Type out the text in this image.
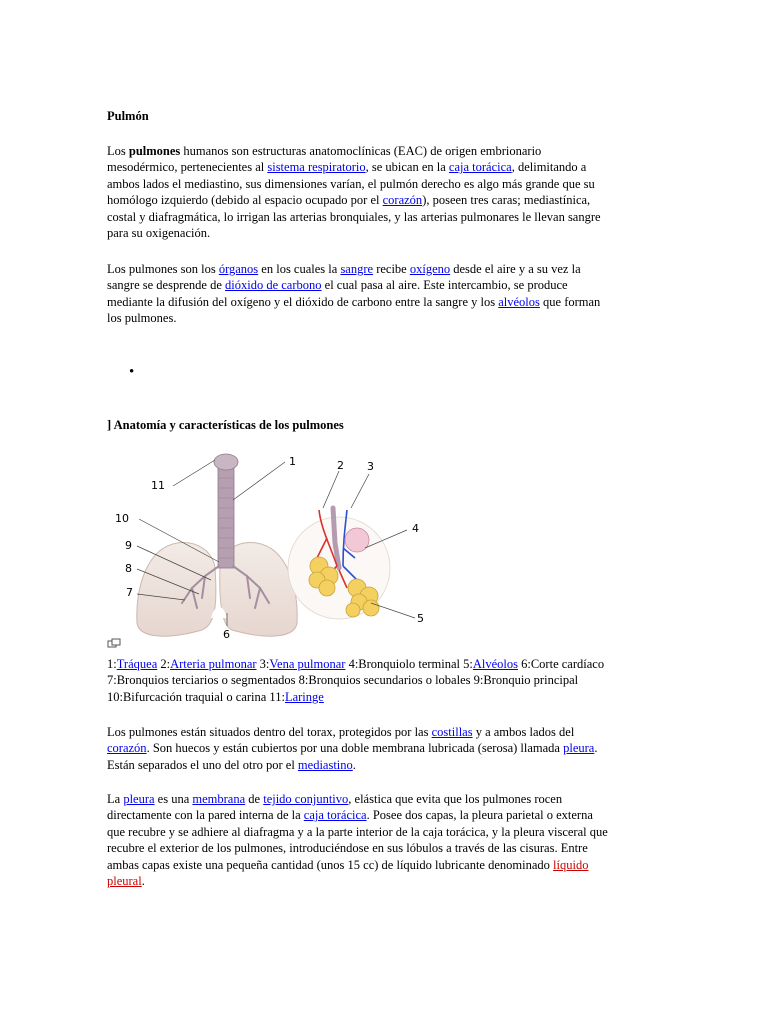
Pulmón
Los pulmones humanos son estructuras anatomoclínicas (EAC) de origen embrionario
mesodérmico, pertenecientes al sistema respiratorio, se ubican en la caja torácica, delimitando a
ambos lados el mediastino, sus dimensiones varían, el pulmón derecho es algo más grande que su
homólogo izquierdo (debido al espacio ocupado por el corazón), poseen tres caras; mediastínica,
costal y diafragmática, lo irrigan las arterias bronquiales, y las arterias pulmonares le llevan sangre
para su oxigenación.
Los pulmones son los órganos en los cuales la sangre recibe oxígeno desde el aire y a su vez la
sangre se desprende de dióxido de carbono el cual pasa al aire. Este intercambio, se produce
mediante la difusión del oxígeno y el dióxido de carbono entre la sangre y los alvéolos que forman
los pulmones.
•
] Anatomía y características de los pulmones
1	2 3
4
5
6
7
8
9
10
11
1:Tráquea 2:Arteria pulmonar 3:Vena pulmonar 4:Bronquiolo terminal 5:Alvéolos 6:Corte cardíaco
7:Bronquios terciarios o segmentados 8:Bronquios secundarios o lobales 9:Bronquio principal
10:Bifurcación traquial o carina 11:Laringe
Los pulmones están situados dentro del torax, protegidos por las costillas y a ambos lados del
corazón. Son huecos y están cubiertos por una doble membrana lubricada (serosa) llamada pleura.
Están separados el uno del otro por el mediastino.
La pleura es una membrana de tejido conjuntivo, elástica que evita que los pulmones rocen
directamente con la pared interna de la caja torácica. Posee dos capas, la pleura parietal o externa
que recubre y se adhiere al diafragma y a la parte interior de la caja torácica, y la pleura visceral que
recubre el exterior de los pulmones, introduciéndose en sus lóbulos a través de las cisuras. Entre
ambas capas existe una pequeña cantidad (unos 15 cc) de líquido lubricante denominado líquido
pleural.
